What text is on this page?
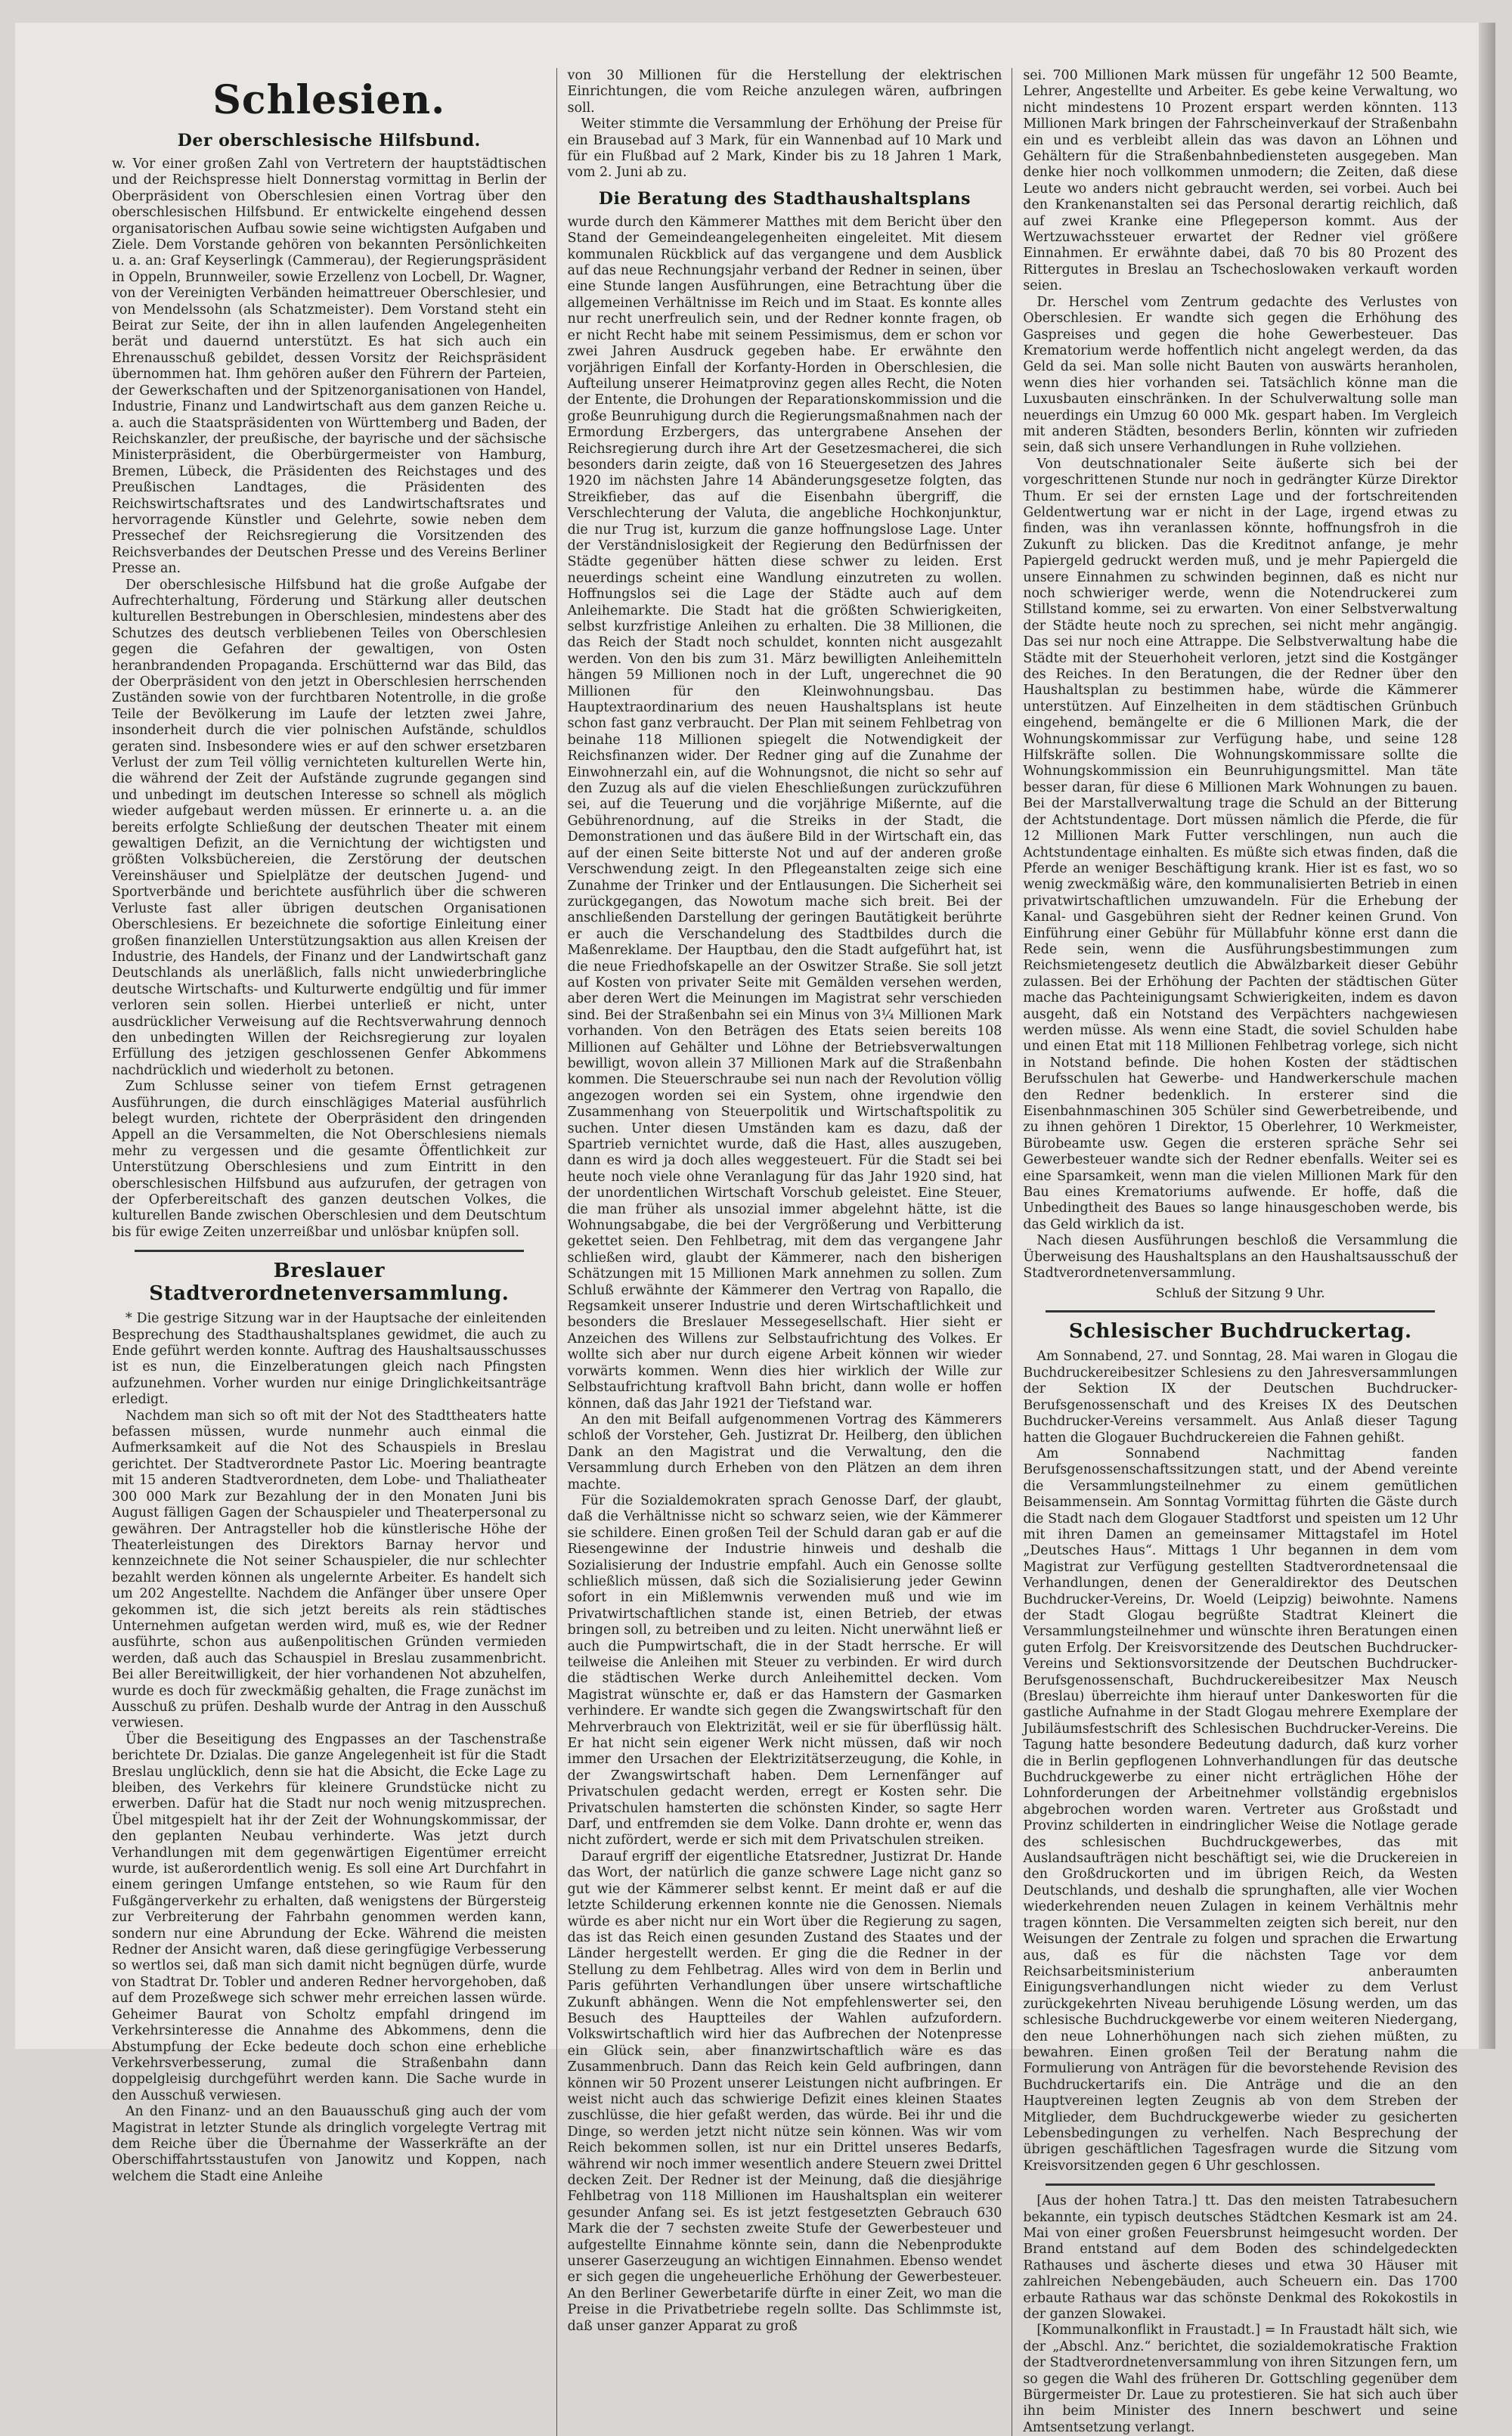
Schlesien.
Der oberschlesische Hilfsbund.

w. Vor einer großen Zahl von Vertretern der hauptstädtischen und der Reichspresse hielt Donnerstag vormittag in Berlin der Oberpräsident von Oberschlesien einen Vortrag über den oberschlesischen Hilfsbund. Er entwickelte eingehend dessen organisatorischen Aufbau sowie seine wichtigsten Aufgaben und Ziele. Dem Vorstande gehören von bekannten Persönlichkeiten u. a. an: Graf Keyserlingk (Cammerau), der Regierungspräsident in Oppeln, Brunnweiler, sowie Erzellenz von Locbell, Dr. Wagner, von der Vereinigten Verbänden heimattreuer Oberschlesier, und von Mendelssohn (als Schatzmeister). Dem Vorstand steht ein Beirat zur Seite, der ihn in allen laufenden Angelegenheiten berät und dauernd unterstützt. Es hat sich auch ein Ehrenausschuß gebildet, dessen Vorsitz der Reichspräsident übernommen hat. Ihm gehören außer den Führern der Parteien, der Gewerkschaften und der Spitzenorganisationen von Handel, Industrie, Finanz und Landwirtschaft aus dem ganzen Reiche u. a. auch die Staatspräsidenten von Württemberg und Baden, der Reichskanzler, der preußische, der bayrische und der sächsische Ministerpräsident, die Oberbürgermeister von Hamburg, Bremen, Lübeck, die Präsidenten des Reichstages und des Preußischen Landtages, die Präsidenten des Reichswirtschaftsrates und des Landwirtschaftsrates und hervorragende Künstler und Gelehrte, sowie neben dem Pressechef der Reichsregierung die Vorsitzenden des Reichsverbandes der Deutschen Presse und des Vereins Berliner Presse an.

Der oberschlesische Hilfsbund hat die große Aufgabe der Aufrechterhaltung, Förderung und Stärkung aller deutschen kulturellen Bestrebungen in Oberschlesien, mindestens aber des Schutzes des deutsch verbliebenen Teiles von Oberschlesien gegen die Gefahren der gewaltigen, von Osten heranbrandenden Propaganda. Erschütternd war das Bild, das der Oberpräsident von den jetzt in Oberschlesien herrschenden Zuständen sowie von der furchtbaren Notentrolle, in die große Teile der Bevölkerung im Laufe der letzten zwei Jahre, insonderheit durch die vier polnischen Aufstände, schuldlos geraten sind. Insbesondere wies er auf den schwer ersetzbaren Verlust der zum Teil völlig vernichteten kulturellen Werte hin, die während der Zeit der Aufstände zugrunde gegangen sind und unbedingt im deutschen Interesse so schnell als möglich wieder aufgebaut werden müssen. Er erinnerte u. a. an die bereits erfolgte Schließung der deutschen Theater mit einem gewaltigen Defizit, an die Vernichtung der wichtigsten und größten Volksbüchereien, die Zerstörung der deutschen Vereinshäuser und Spielplätze der deutschen Jugend- und Sportverbände und berichtete ausführlich über die schweren Verluste fast aller übrigen deutschen Organisationen Oberschlesiens. Er bezeichnete die sofortige Einleitung einer großen finanziellen Unterstützungsaktion aus allen Kreisen der Industrie, des Handels, der Finanz und der Landwirtschaft ganz Deutschlands als unerläßlich, falls nicht unwiederbringliche deutsche Wirtschafts- und Kulturwerte endgültig und für immer verloren sein sollen. Hierbei unterließ er nicht, unter ausdrücklicher Verweisung auf die Rechtsverwahrung dennoch den unbedingten Willen der Reichsregierung zur loyalen Erfüllung des jetzigen geschlossenen Genfer Abkommens nachdrücklich und wiederholt zu betonen.

Zum Schlusse seiner von tiefem Ernst getragenen Ausführungen, die durch einschlägiges Material ausführlich belegt wurden, richtete der Oberpräsident den dringenden Appell an die Versammelten, die Not Oberschlesiens niemals mehr zu vergessen und die gesamte Öffentlichkeit zur Unterstützung Oberschlesiens und zum Eintritt in den oberschlesischen Hilfsbund aus aufzurufen, der getragen von der Opferbereitschaft des ganzen deutschen Volkes, die kulturellen Bande zwischen Oberschlesien und dem Deutschtum bis für ewige Zeiten unzerreißbar und unlösbar knüpfen soll.

Breslauer Stadtverordnetenversammlung.

* Die gestrige Sitzung war in der Hauptsache der einleitenden Besprechung des Stadthaushaltsplanes gewidmet, die auch zu Ende geführt werden konnte. Auftrag des Haushaltsausschusses ist es nun, die Einzelberatungen gleich nach Pfingsten aufzunehmen. Vorher wurden nur einige Dringlichkeitsanträge erledigt.

Nachdem man sich so oft mit der Not des Stadttheaters hatte befassen müssen, wurde nunmehr auch einmal die Aufmerksamkeit auf die Not des Schauspiels in Breslau gerichtet. Der Stadtverordnete Pastor Lic. Moering beantragte mit 15 anderen Stadtverordneten, dem Lobe- und Thaliatheater 300 000 Mark zur Bezahlung der in den Monaten Juni bis August fälligen Gagen der Schauspieler und Theaterpersonal zu gewähren. Der Antragsteller hob die künstlerische Höhe der Theaterleistungen des Direktors Barnay hervor und kennzeichnete die Not seiner Schauspieler, die nur schlechter bezahlt werden können als ungelernte Arbeiter. Es handelt sich um 202 Angestellte. Nachdem die Anfänger über unsere Oper gekommen ist, die sich jetzt bereits als rein städtisches Unternehmen aufgetan werden wird, muß es, wie der Redner ausführte, schon aus außenpolitischen Gründen vermieden werden, daß auch das Schauspiel in Breslau zusammenbricht. Bei aller Bereitwilligkeit, der hier vorhandenen Not abzuhelfen, wurde es doch für zweckmäßig gehalten, die Frage zunächst im Ausschuß zu prüfen. Deshalb wurde der Antrag in den Ausschuß verwiesen.

Über die Beseitigung des Engpasses an der Taschenstraße berichtete Dr. Dzialas. Die ganze Angelegenheit ist für die Stadt Breslau unglücklich, denn sie hat die Absicht, die Ecke Lage zu bleiben, des Verkehrs für kleinere Grundstücke nicht zu erwerben. Dafür hat die Stadt nur noch wenig mitzusprechen. Übel mitgespielt hat ihr der Zeit der Wohnungskommissar, der den geplanten Neubau verhinderte. Was jetzt durch Verhandlungen mit dem gegenwärtigen Eigentümer erreicht wurde, ist außerordentlich wenig. Es soll eine Art Durchfahrt in einem geringen Umfange entstehen, so wie Raum für den Fußgängerverkehr zu erhalten, daß wenigstens der Bürgersteig zur Verbreiterung der Fahrbahn genommen werden kann, sondern nur eine Abrundung der Ecke. Während die meisten Redner der Ansicht waren, daß diese geringfügige Verbesserung so wertlos sei, daß man sich damit nicht begnügen dürfe, wurde von Stadtrat Dr. Tobler und anderen Redner hervorgehoben, daß auf dem Prozeßwege sich schwer mehr erreichen lassen würde. Geheimer Baurat von Scholtz empfahl dringend im Verkehrsinteresse die Annahme des Abkommens, denn die Abstumpfung der Ecke bedeute doch schon eine erhebliche Verkehrsverbesserung, zumal die Straßenbahn dann doppelgleisig durchgeführt werden kann. Die Sache wurde in den Ausschuß verwiesen.

An den Finanz- und an den Bauausschuß ging auch der vom Magistrat in letzter Stunde als dringlich vorgelegte Vertrag mit dem Reiche über die Übernahme der Wasserkräfte an der Oberschiffahrtsstaustufen von Janowitz und Koppen, nach welchem die Stadt eine Anleihe

von 30 Millionen für die Herstellung der elektrischen Einrichtungen, die vom Reiche anzulegen wären, aufbringen soll.

Weiter stimmte die Versammlung der Erhöhung der Preise für ein Brausebad auf 3 Mark, für ein Wannenbad auf 10 Mark und für ein Flußbad auf 2 Mark, Kinder bis zu 18 Jahren 1 Mark, vom 2. Juni ab zu.

Die Beratung des Stadthaushaltsplans

wurde durch den Kämmerer Matthes mit dem Bericht über den Stand der Gemeindeangelegenheiten eingeleitet. Mit diesem kommunalen Rückblick auf das vergangene und dem Ausblick auf das neue Rechnungsjahr verband der Redner in seinen, über eine Stunde langen Ausführungen, eine Betrachtung über die allgemeinen Verhältnisse im Reich und im Staat. Es konnte alles nur recht unerfreulich sein, und der Redner konnte fragen, ob er nicht Recht habe mit seinem Pessimismus, dem er schon vor zwei Jahren Ausdruck gegeben habe. Er erwähnte den vorjährigen Einfall der Korfanty-Horden in Oberschlesien, die Aufteilung unserer Heimatprovinz gegen alles Recht, die Noten der Entente, die Drohungen der Reparationskommission und die große Beunruhigung durch die Regierungsmaßnahmen nach der Ermordung Erzbergers, das untergrabene Ansehen der Reichsregierung durch ihre Art der Gesetzesmacherei, die sich besonders darin zeigte, daß von 16 Steuergesetzen des Jahres 1920 im nächsten Jahre 14 Abänderungsgesetze folgten, das Streikfieber, das auf die Eisenbahn übergriff, die Verschlechterung der Valuta, die angebliche Hochkonjunktur, die nur Trug ist, kurzum die ganze hoffnungslose Lage. Unter der Verständnislosigkeit der Regierung den Bedürfnissen der Städte gegenüber hätten diese schwer zu leiden. Erst neuerdings scheint eine Wandlung einzutreten zu wollen. Hoffnungslos sei die Lage der Städte auch auf dem Anleihemarkte. Die Stadt hat die größten Schwierigkeiten, selbst kurzfristige Anleihen zu erhalten. Die 38 Millionen, die das Reich der Stadt noch schuldet, konnten nicht ausgezahlt werden. Von den bis zum 31. März bewilligten Anleihemitteln hängen 59 Millionen noch in der Luft, ungerechnet die 90 Millionen für den Kleinwohnungsbau. Das Hauptextraordinarium des neuen Haushaltsplans ist heute schon fast ganz verbraucht. Der Plan mit seinem Fehlbetrag von beinahe 118 Millionen spiegelt die Notwendigkeit der Reichsfinanzen wider. Der Redner ging auf die Zunahme der Einwohnerzahl ein, auf die Wohnungsnot, die nicht so sehr auf den Zuzug als auf die vielen Eheschließungen zurückzuführen sei, auf die Teuerung und die vorjährige Mißernte, auf die Gebührenordnung, auf die Streiks in der Stadt, die Demonstrationen und das äußere Bild in der Wirtschaft ein, das auf der einen Seite bitterste Not und auf der anderen große Verschwendung zeigt. In den Pflegeanstalten zeige sich eine Zunahme der Trinker und der Entlausungen. Die Sicherheit sei zurückgegangen, das Nowotum mache sich breit. Bei der anschließenden Darstellung der geringen Bautätigkeit berührte er auch die Verschandelung des Stadtbildes durch die Maßenreklame. Der Hauptbau, den die Stadt aufgeführt hat, ist die neue Friedhofskapelle an der Oswitzer Straße. Sie soll jetzt auf Kosten von privater Seite mit Gemälden versehen werden, aber deren Wert die Meinungen im Magistrat sehr verschieden sind. Bei der Straßenbahn sei ein Minus von 3¼ Millionen Mark vorhanden. Von den Beträgen des Etats seien bereits 108 Millionen auf Gehälter und Löhne der Betriebsverwaltungen bewilligt, wovon allein 37 Millionen Mark auf die Straßenbahn kommen. Die Steuerschraube sei nun nach der Revolution völlig angezogen worden sei ein System, ohne irgendwie den Zusammenhang von Steuerpolitik und Wirtschaftspolitik zu suchen. Unter diesen Umständen kam es dazu, daß der Spartrieb vernichtet wurde, daß die Hast, alles auszugeben, dann es wird ja doch alles weggesteuert. Für die Stadt sei bei heute noch viele ohne Veranlagung für das Jahr 1920 sind, hat der unordentlichen Wirtschaft Vorschub geleistet. Eine Steuer, die man früher als unsozial immer abgelehnt hätte, ist die Wohnungsabgabe, die bei der Vergrößerung und Verbitterung gekettet seien. Den Fehlbetrag, mit dem das vergangene Jahr schließen wird, glaubt der Kämmerer, nach den bisherigen Schätzungen mit 15 Millionen Mark annehmen zu sollen. Zum Schluß erwähnte der Kämmerer den Vertrag von Rapallo, die Regsamkeit unserer Industrie und deren Wirtschaftlichkeit und besonders die Breslauer Messegesellschaft. Hier sieht er Anzeichen des Willens zur Selbstaufrichtung des Volkes. Er wollte sich aber nur durch eigene Arbeit können wir wieder vorwärts kommen. Wenn dies hier wirklich der Wille zur Selbstaufrichtung kraftvoll Bahn bricht, dann wolle er hoffen können, daß das Jahr 1921 der Tiefstand war.

An den mit Beifall aufgenommenen Vortrag des Kämmerers schloß der Vorsteher, Geh. Justizrat Dr. Heilberg, den üblichen Dank an den Magistrat und die Verwaltung, den die Versammlung durch Erheben von den Plätzen an dem ihren machte.

Für die Sozialdemokraten sprach Genosse Darf, der glaubt, daß die Verhältnisse nicht so schwarz seien, wie der Kämmerer sie schildere. Einen großen Teil der Schuld daran gab er auf die Riesengewinne der Industrie hinweis und deshalb die Sozialisierung der Industrie empfahl. Auch ein Genosse sollte schließlich müssen, daß sich die Sozialisierung jeder Gewinn sofort in ein Mißlemwnis verwenden muß und wie im Privatwirtschaftlichen stande ist, einen Betrieb, der etwas bringen soll, zu betreiben und zu leiten. Nicht unerwähnt ließ er auch die Pumpwirtschaft, die in der Stadt herrsche. Er will teilweise die Anleihen mit Steuer zu verbinden. Er wird durch die städtischen Werke durch Anleihemittel decken. Vom Magistrat wünschte er, daß er das Hamstern der Gasmarken verhindere. Er wandte sich gegen die Zwangswirtschaft für den Mehrverbrauch von Elektrizität, weil er sie für überflüssig hält. Er hat nicht sein eigener Werk nicht müssen, daß wir noch immer den Ursachen der Elektrizitätserzeugung, die Kohle, in der Zwangswirtschaft haben. Dem Lernenfänger auf Privatschulen gedacht werden, erregt er Kosten sehr. Die Privatschulen hamsterten die schönsten Kinder, so sagte Herr Darf, und entfremden sie dem Volke. Dann drohte er, wenn das nicht zufördert, werde er sich mit dem Privatschulen streiken.

Darauf ergriff der eigentliche Etatsredner, Justizrat Dr. Hande das Wort, der natürlich die ganze schwere Lage nicht ganz so gut wie der Kämmerer selbst kennt. Er meint daß er auf die letzte Schilderung erkennen konnte nie die Genossen. Niemals würde es aber nicht nur ein Wort über die Regierung zu sagen, das ist das Reich einen gesunden Zustand des Staates und der Länder hergestellt werden. Er ging die die Redner in der Stellung zu dem Fehlbetrag. Alles wird von dem in Berlin und Paris geführten Verhandlungen über unsere wirtschaftliche Zukunft abhängen. Wenn die Not empfehlenswerter sei, den Besuch des Hauptteiles der Wahlen aufzufordern. Volkswirtschaftlich wird hier das Aufbrechen der Notenpresse ein Glück sein, aber finanzwirtschaftlich wäre es das Zusammenbruch. Dann das Reich kein Geld aufbringen, dann können wir 50 Prozent unserer Leistungen nicht aufbringen. Er weist nicht auch das schwierige Defizit eines kleinen Staates zuschlüsse, die hier gefaßt werden, das würde. Bei ihr und die Dinge, so werden jetzt nicht nütze sein können. Was wir vom Reich bekommen sollen, ist nur ein Drittel unseres Bedarfs, während wir noch immer wesentlich andere Steuern zwei Drittel decken Zeit. Der Redner ist der Meinung, daß die diesjährige Fehlbetrag von 118 Millionen im Haushaltsplan ein weiterer gesunder Anfang sei. Es ist jetzt festgesetzten Gebrauch 630 Mark die der 7 sechsten zweite Stufe der Gewerbesteuer und aufgestellte Einnahme könnte sein, dann die Nebenprodukte unserer Gaserzeugung an wichtigen Einnahmen. Ebenso wendet er sich gegen die ungeheuerliche Erhöhung der Gewerbesteuer. An den Berliner Gewerbetarife dürfte in einer Zeit, wo man die Preise in die Privatbetriebe regeln sollte. Das Schlimmste ist, daß unser ganzer Apparat zu groß

sei. 700 Millionen Mark müssen für ungefähr 12 500 Beamte, Lehrer, Angestellte und Arbeiter. Es gebe keine Verwaltung, wo nicht mindestens 10 Prozent erspart werden könnten. 113 Millionen Mark bringen der Fahrscheinverkauf der Straßenbahn ein und es verbleibt allein das was davon an Löhnen und Gehältern für die Straßenbahnbediensteten ausgegeben. Man denke hier noch vollkommen unmodern; die Zeiten, daß diese Leute wo anders nicht gebraucht werden, sei vorbei. Auch bei den Krankenanstalten sei das Personal derartig reichlich, daß auf zwei Kranke eine Pflegeperson kommt. Aus der Wertzuwachssteuer erwartet der Redner viel größere Einnahmen. Er erwähnte dabei, daß 70 bis 80 Prozent des Rittergutes in Breslau an Tschechoslowaken verkauft worden seien.

Dr. Herschel vom Zentrum gedachte des Verlustes von Oberschlesien. Er wandte sich gegen die Erhöhung des Gaspreises und gegen die hohe Gewerbesteuer. Das Krematorium werde hoffentlich nicht angelegt werden, da das Geld da sei. Man solle nicht Bauten von auswärts heranholen, wenn dies hier vorhanden sei. Tatsächlich könne man die Luxusbauten einschränken. In der Schulverwaltung solle man neuerdings ein Umzug 60 000 Mk. gespart haben. Im Vergleich mit anderen Städten, besonders Berlin, könnten wir zufrieden sein, daß sich unsere Verhandlungen in Ruhe vollziehen.

Von deutschnationaler Seite äußerte sich bei der vorgeschrittenen Stunde nur noch in gedrängter Kürze Direktor Thum. Er sei der ernsten Lage und der fortschreitenden Geldentwertung war er nicht in der Lage, irgend etwas zu finden, was ihn veranlassen könnte, hoffnungsfroh in die Zukunft zu blicken. Das die Kreditnot anfange, je mehr Papiergeld gedruckt werden muß, und je mehr Papiergeld die unsere Einnahmen zu schwinden beginnen, daß es nicht nur noch schwieriger werde, wenn die Notendruckerei zum Stillstand komme, sei zu erwarten. Von einer Selbstverwaltung der Städte heute noch zu sprechen, sei nicht mehr angängig. Das sei nur noch eine Attrappe. Die Selbstverwaltung habe die Städte mit der Steuerhoheit verloren, jetzt sind die Kostgänger des Reiches. In den Beratungen, die der Redner über den Haushaltsplan zu bestimmen habe, würde die Kämmerer unterstützen. Auf Einzelheiten in dem städtischen Grünbuch eingehend, bemängelte er die 6 Millionen Mark, die der Wohnungskommissar zur Verfügung habe, und seine 128 Hilfskräfte sollen. Die Wohnungskommissare sollte die Wohnungskommission ein Beunruhigungsmittel. Man täte besser daran, für diese 6 Millionen Mark Wohnungen zu bauen. Bei der Marstallverwaltung trage die Schuld an der Bitterung der Achtstundentage. Dort müssen nämlich die Pferde, die für 12 Millionen Mark Futter verschlingen, nun auch die Achtstundentage einhalten. Es müßte sich etwas finden, daß die Pferde an weniger Beschäftigung krank. Hier ist es fast, wo so wenig zweckmäßig wäre, den kommunalisierten Betrieb in einen privatwirtschaftlichen umzuwandeln. Für die Erhebung der Kanal- und Gasgebühren sieht der Redner keinen Grund. Von Einführung einer Gebühr für Müllabfuhr könne erst dann die Rede sein, wenn die Ausführungsbestimmungen zum Reichsmietengesetz deutlich die Abwälzbarkeit dieser Gebühr zulassen. Bei der Erhöhung der Pachten der städtischen Güter mache das Pachteinigungsamt Schwierigkeiten, indem es davon ausgeht, daß ein Notstand des Verpächters nachgewiesen werden müsse. Als wenn eine Stadt, die soviel Schulden habe und einen Etat mit 118 Millionen Fehlbetrag vorlege, sich nicht in Notstand befinde. Die hohen Kosten der städtischen Berufsschulen hat Gewerbe- und Handwerkerschule machen den Redner bedenklich. In ersterer sind die Eisenbahnmaschinen 305 Schüler sind Gewerbetreibende, und zu ihnen gehören 1 Direktor, 15 Oberlehrer, 10 Werkmeister, Bürobeamte usw. Gegen die ersteren spräche Sehr sei Gewerbesteuer wandte sich der Redner ebenfalls. Weiter sei es eine Sparsamkeit, wenn man die vielen Millionen Mark für den Bau eines Krematoriums aufwende. Er hoffe, daß die Unbedingtheit des Baues so lange hinausgeschoben werde, bis das Geld wirklich da ist.

Nach diesen Ausführungen beschloß die Versammlung die Überweisung des Haushaltsplans an den Haushaltsausschuß der Stadtverordnetenversammlung.

Schluß der Sitzung 9 Uhr.
Schlesischer Buchdruckertag.

Am Sonnabend, 27. und Sonntag, 28. Mai waren in Glogau die Buchdruckereibesitzer Schlesiens zu den Jahresversammlungen der Sektion IX der Deutschen Buchdrucker-Berufsgenossenschaft und des Kreises IX des Deutschen Buchdrucker-Vereins versammelt. Aus Anlaß dieser Tagung hatten die Glogauer Buchdruckereien die Fahnen gehißt.

Am Sonnabend Nachmittag fanden Berufsgenossenschaftssitzungen statt, und der Abend vereinte die Versammlungsteilnehmer zu einem gemütlichen Beisammensein. Am Sonntag Vormittag führten die Gäste durch die Stadt nach dem Glogauer Stadtforst und speisten um 12 Uhr mit ihren Damen an gemeinsamer Mittagstafel im Hotel „Deutsches Haus“. Mittags 1 Uhr begannen in dem vom Magistrat zur Verfügung gestellten Stadtverordnetensaal die Verhandlungen, denen der Generaldirektor des Deutschen Buchdrucker-Vereins, Dr. Woeld (Leipzig) beiwohnte. Namens der Stadt Glogau begrüßte Stadtrat Kleinert die Versammlungsteilnehmer und wünschte ihren Beratungen einen guten Erfolg. Der Kreisvorsitzende des Deutschen Buchdrucker-Vereins und Sektionsvorsitzende der Deutschen Buchdrucker-Berufsgenossenschaft, Buchdruckereibesitzer Max Neusch (Breslau) überreichte ihm hierauf unter Dankesworten für die gastliche Aufnahme in der Stadt Glogau mehrere Exemplare der Jubiläumsfestschrift des Schlesischen Buchdrucker-Vereins. Die Tagung hatte besondere Bedeutung dadurch, daß kurz vorher die in Berlin gepflogenen Lohnverhandlungen für das deutsche Buchdruckgewerbe zu einer nicht erträglichen Höhe der Lohnforderungen der Arbeitnehmer vollständig ergebnislos abgebrochen worden waren. Vertreter aus Großstadt und Provinz schilderten in eindringlicher Weise die Notlage gerade des schlesischen Buchdruckgewerbes, das mit Auslandsaufträgen nicht beschäftigt sei, wie die Druckereien in den Großdruckorten und im übrigen Reich, da Westen Deutschlands, und deshalb die sprunghaften, alle vier Wochen wiederkehrenden neuen Zulagen in keinem Verhältnis mehr tragen könnten. Die Versammelten zeigten sich bereit, nur den Weisungen der Zentrale zu folgen und sprachen die Erwartung aus, daß es für die nächsten Tage vor dem Reichsarbeitsministerium anberaumten Einigungsverhandlungen nicht wieder zu dem Verlust zurückgekehrten Niveau beruhigende Lösung werden, um das schlesische Buchdruckgewerbe vor einem weiteren Niedergang, den neue Lohnerhöhungen nach sich ziehen müßten, zu bewahren. Einen großen Teil der Beratung nahm die Formulierung von Anträgen für die bevorstehende Revision des Buchdruckertarifs ein. Die Anträge und die an den Hauptvereinen legten Zeugnis ab von dem Streben der Mitglieder, dem Buchdruckgewerbe wieder zu gesicherten Lebensbedingungen zu verhelfen. Nach Besprechung der übrigen geschäftlichen Tagesfragen wurde die Sitzung vom Kreisvorsitzenden gegen 6 Uhr geschlossen.

[Aus der hohen Tatra.] tt. Das den meisten Tatrabesuchern bekannte, ein typisch deutsches Städtchen Kesmark ist am 24. Mai von einer großen Feuersbrunst heimgesucht worden. Der Brand entstand auf dem Boden des schindelgedeckten Rathauses und äscherte dieses und etwa 30 Häuser mit zahlreichen Nebengebäuden, auch Scheuern ein. Das 1700 erbaute Rathaus war das schönste Denkmal des Rokokostils in der ganzen Slowakei.

[Kommunalkonflikt in Fraustadt.] = In Fraustadt hält sich, wie der „Abschl. Anz.“ berichtet, die sozialdemokratische Fraktion der Stadtverordnetenversammlung von ihren Sitzungen fern, um so gegen die Wahl des früheren Dr. Gottschling gegenüber dem Bürgermeister Dr. Laue zu protestieren. Sie hat sich auch über ihn beim Minister des Innern beschwert und seine Amtsentsetzung verlangt.
